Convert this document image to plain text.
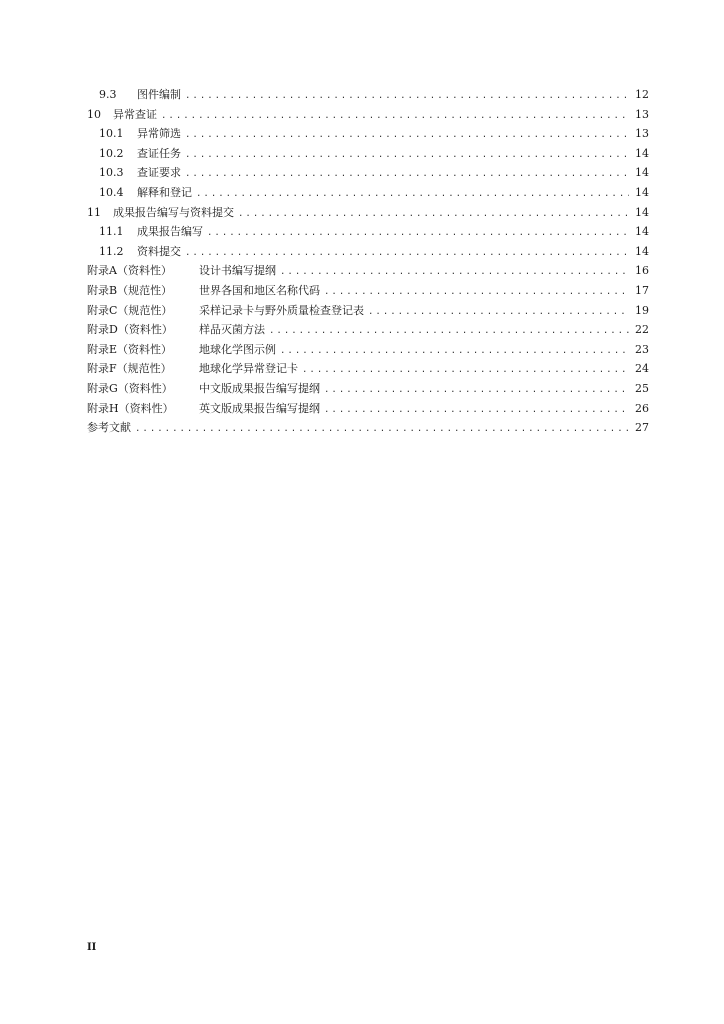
9.3 图件编制 .....	12
10 异常查证 .....	13
10.1 异常筛选 .....	13
10.2 查证任务 .....	14
10.3 查证要求 .....	14
10.4 解释和登记 .....	14
11 成果报告编写与资料提交 .....	14
11.1 成果报告编写 .....	14
11.2 资料提交 .....	14
附录A（资料性） 设计书编写提纲 .....	16
附录B（规范性） 世界各国和地区名称代码 .....	17
附录C（规范性） 采样记录卡与野外质量检查登记表 .....	19
附录D（资料性） 样品灭菌方法 .....	22
附录E（资料性） 地球化学图示例 .....	23
附录F（规范性） 地球化学异常登记卡 .....	24
附录G（资料性） 中文版成果报告编写提纲 .....	25
附录H（资料性） 英文版成果报告编写提纲 .....	26
参考文献 .....	27
II
